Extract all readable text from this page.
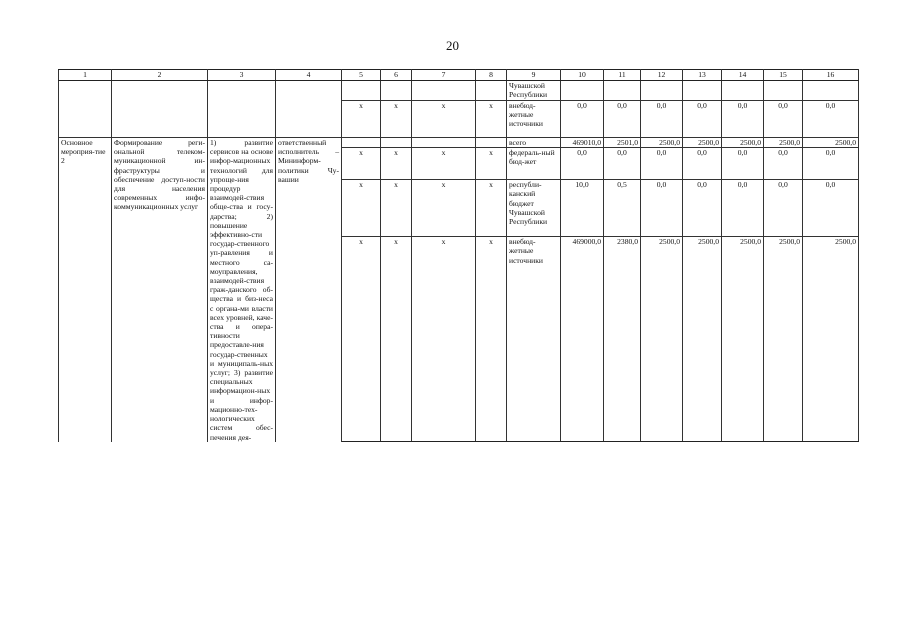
20
1	2	3	4	5	6	7	8	9	10	11	12	13	14	15	16
								Чувашской Республики							
				x	x	x	x	внебюд-жетные источники	0,0	0,0	0,0	0,0	0,0	0,0	0,0
Основное мероприя-тие 2	Формирование реги-ональной телеком-муникационной ин-фраструктуры и обеспечение доступ-ности для населения современных инфо-коммуникационных услуг	1) развитие сервисов на основе инфор-мационных технологий для упроще-ния процедур взаимодей-ствия обще-ства и госу-дарства; 2) повышение эффективно-сти государ-ственного уп-равления и местного са-моуправления, взаимодей-ствия граж-данского об-щества и биз-неса с органа-ми власти всех уровней, каче-ства и опера-тивности предоставле-ния государ-ственных и муниципаль-ных услуг; 3) развитие специальных информацион-ных и инфор-мационно-тех-нологических систем обес-печения дея-	ответственный исполнитель – Мининформ-политики Чу-вашии					всего	469010,0	2501,0	2500,0	2500,0	2500,0	2500,0	2500,0
				x	x	x	x	федераль-ный бюд-жет	0,0	0,0	0,0	0,0	0,0	0,0	0,0
				x	x	x	x	республи-канский бюджет Чувашской Республики	10,0	0,5	0,0	0,0	0,0	0,0	0,0
				x	x	x	x	внебюд-жетные источники	469000,0	2380,0	2500,0	2500,0	2500,0	2500,0	2500,0
